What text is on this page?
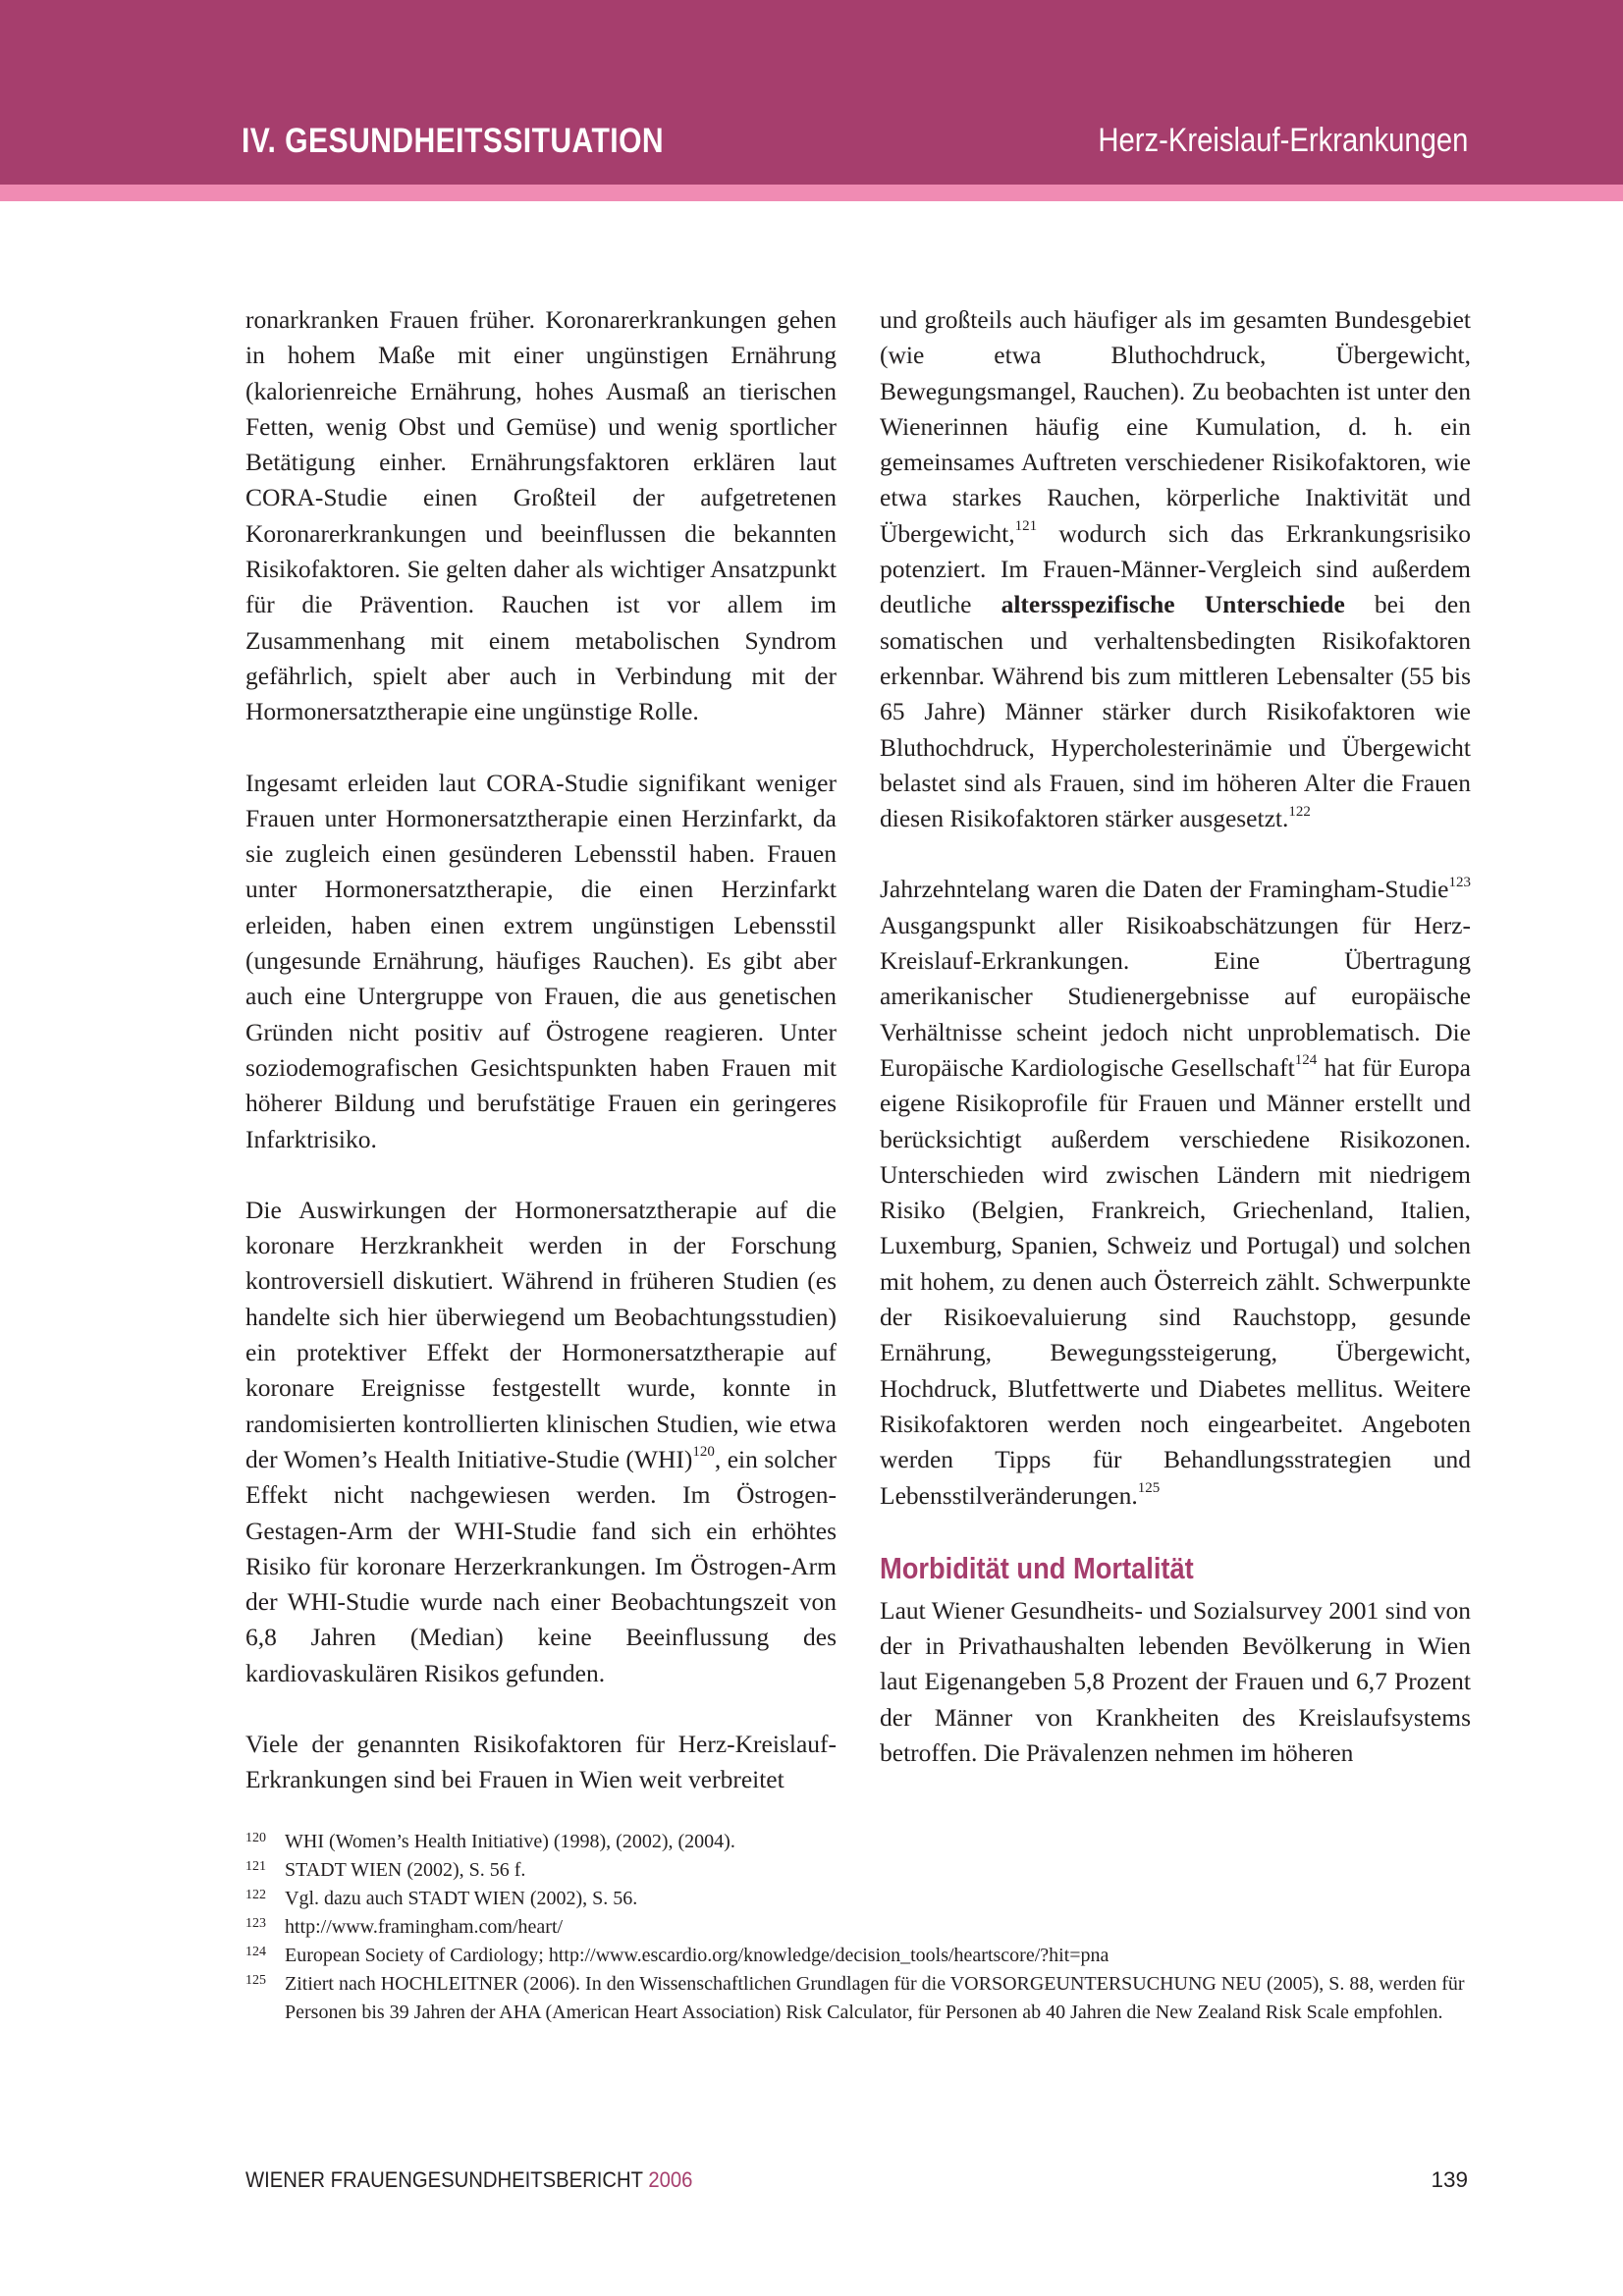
IV. GESUNDHEITSSITUATION	Herz-Kreislauf-Erkrankungen

ronarkranken Frauen früher. Koronarerkrankungen gehen in hohem Maße mit einer ungünstigen Ernährung (kalorienreiche Ernährung, hohes Ausmaß an tierischen Fetten, wenig Obst und Gemüse) und wenig sportlicher Betätigung einher. Ernährungsfaktoren erklären laut CORA-Studie einen Großteil der aufgetretenen Koronarerkrankungen und beeinflussen die bekannten Risikofaktoren. Sie gelten daher als wichtiger Ansatzpunkt für die Prävention. Rauchen ist vor allem im Zusammenhang mit einem metabolischen Syndrom gefährlich, spielt aber auch in Verbindung mit der Hormonersatztherapie eine ungünstige Rolle.

Ingesamt erleiden laut CORA-Studie signifikant weniger Frauen unter Hormonersatztherapie einen Herzinfarkt, da sie zugleich einen gesünderen Lebensstil haben. Frauen unter Hormonersatztherapie, die einen Herzinfarkt erleiden, haben einen extrem ungünstigen Lebensstil (ungesunde Ernährung, häufiges Rauchen). Es gibt aber auch eine Untergruppe von Frauen, die aus genetischen Gründen nicht positiv auf Östrogene reagieren. Unter soziodemografischen Gesichtspunkten haben Frauen mit höherer Bildung und berufstätige Frauen ein geringeres Infarktrisiko.

Die Auswirkungen der Hormonersatztherapie auf die koronare Herzkrankheit werden in der Forschung kontroversiell diskutiert. Während in früheren Studien (es handelte sich hier überwiegend um Beobachtungsstudien) ein protektiver Effekt der Hormonersatztherapie auf koronare Ereignisse festgestellt wurde, konnte in randomisierten kontrollierten klinischen Studien, wie etwa der Women’s Health Initiative-Studie (WHI)$^{120}$, ein solcher Effekt nicht nachgewiesen werden. Im Östrogen-Gestagen-Arm der WHI-Studie fand sich ein erhöhtes Risiko für koronare Herzerkrankungen. Im Östrogen-Arm der WHI-Studie wurde nach einer Beobachtungszeit von 6,8 Jahren (Median) keine Beeinflussung des kardiovaskulären Risikos gefunden.

Viele der genannten Risikofaktoren für Herz-Kreislauf-Erkrankungen sind bei Frauen in Wien weit verbreitet

und großteils auch häufiger als im gesamten Bundesgebiet (wie etwa Bluthochdruck, Übergewicht, Bewegungsmangel, Rauchen). Zu beobachten ist unter den Wienerinnen häufig eine Kumulation, d. h. ein gemeinsames Auftreten verschiedener Risikofaktoren, wie etwa starkes Rauchen, körperliche Inaktivität und Übergewicht,$^{121}$ wodurch sich das Erkrankungsrisiko potenziert. Im Frauen-Männer-Vergleich sind außerdem deutliche altersspezifische Unterschiede bei den somatischen und verhaltensbedingten Risikofaktoren erkennbar. Während bis zum mittleren Lebensalter (55 bis 65 Jahre) Männer stärker durch Risikofaktoren wie Bluthochdruck, Hypercholesterinämie und Übergewicht belastet sind als Frauen, sind im höheren Alter die Frauen diesen Risikofaktoren stärker ausgesetzt.$^{122}$

Jahrzehntelang waren die Daten der Framingham-Studie$^{123}$ Ausgangspunkt aller Risikoabschätzungen für Herz-Kreislauf-Erkrankungen. Eine Übertragung amerikanischer Studienergebnisse auf europäische Verhältnisse scheint jedoch nicht unproblematisch. Die Europäische Kardiologische Gesellschaft$^{124}$ hat für Europa eigene Risikoprofile für Frauen und Männer erstellt und berücksichtigt außerdem verschiedene Risikozonen. Unterschieden wird zwischen Ländern mit niedrigem Risiko (Belgien, Frankreich, Griechenland, Italien, Luxemburg, Spanien, Schweiz und Portugal) und solchen mit hohem, zu denen auch Österreich zählt. Schwerpunkte der Risikoevaluierung sind Rauchstopp, gesunde Ernährung, Bewegungssteigerung, Übergewicht, Hochdruck, Blutfettwerte und Diabetes mellitus. Weitere Risikofaktoren werden noch eingearbeitet. Angeboten werden Tipps für Behandlungsstrategien und Lebensstilveränderungen.$^{125}$

Morbidität und Mortalität

Laut Wiener Gesundheits- und Sozialsurvey 2001 sind von der in Privathaushalten lebenden Bevölkerung in Wien laut Eigenangeben 5,8 Prozent der Frauen und 6,7 Prozent der Männer von Krankheiten des Kreislaufsystems betroffen. Die Prävalenzen nehmen im höheren

120 WHI (Women’s Health Initiative) (1998), (2002), (2004).
121 STADT WIEN (2002), S. 56 f.
122 Vgl. dazu auch STADT WIEN (2002), S. 56.
123 http://www.framingham.com/heart/
124 European Society of Cardiology; http://www.escardio.org/knowledge/decision_tools/heartscore/?hit=pna
125 Zitiert nach HOCHLEITNER (2006). In den Wissenschaftlichen Grundlagen für die VORSORGEUNTERSUCHUNG NEU (2005), S. 88, werden für Personen bis 39 Jahren der AHA (American Heart Association) Risk Calculator, für Personen ab 40 Jahren die New Zealand Risk Scale empfohlen.
WIENER FRAUENGESUNDHEITSBERICHT 2006	139
